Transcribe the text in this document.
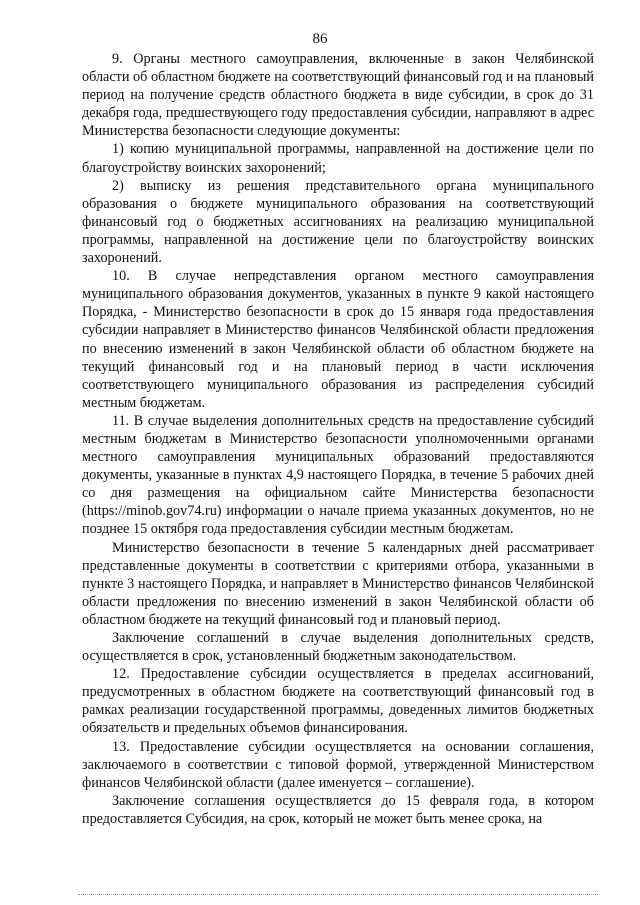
86

9. Органы местного самоуправления, включенные в закон Челябинской области об областном бюджете на соответствующий финансовый год и на плановый период на получение средств областного бюджета в виде субсидии, в срок до 31 декабря года, предшествующего году предоставления субсидии, направляют в адрес Министерства безопасности следующие документы:

1) копию муниципальной программы, направленной на достижение цели по благоустройству воинских захоронений;

2) выписку из решения представительного органа муниципального образования о бюджете муниципального образования на соответствующий финансовый год о бюджетных ассигнованиях на реализацию муниципальной программы, направленной на достижение цели по благоустройству воинских захоронений.

10. В случае непредставления органом местного самоуправления муниципального образования документов, указанных в пункте 9 какой настоящего Порядка, - Министерство безопасности в срок до 15 января года предоставления субсидии направляет в Министерство финансов Челябинской области предложения по внесению изменений в закон Челябинской области об областном бюджете на текущий финансовый год и на плановый период в части исключения соответствующего муниципального образования из распределения субсидий местным бюджетам.

11. В случае выделения дополнительных средств на предоставление субсидий местным бюджетам в Министерство безопасности уполномоченными органами местного самоуправления муниципальных образований предоставляются документы, указанные в пунктах 4,9 настоящего Порядка, в течение 5 рабочих дней со дня размещения на официальном сайте Министерства безопасности (https://minob.gov74.ru) информации о начале приема указанных документов, но не позднее 15 октября года предоставления субсидии местным бюджетам.

Министерство безопасности в течение 5 календарных дней рассматривает представленные документы в соответствии с критериями отбора, указанными в пункте 3 настоящего Порядка, и направляет в Министерство финансов Челябинской области предложения по внесению изменений в закон Челябинской области об областном бюджете на текущий финансовый год и плановый период.

Заключение соглашений в случае выделения дополнительных средств, осуществляется в срок, установленный бюджетным законодательством.

12. Предоставление субсидии осуществляется в пределах ассигнований, предусмотренных в областном бюджете на соответствующий финансовый год в рамках реализации государственной программы, доведенных лимитов бюджетных обязательств и предельных объемов финансирования.

13. Предоставление субсидии осуществляется на основании соглашения, заключаемого в соответствии с типовой формой, утвержденной Министерством финансов Челябинской области (далее именуется – соглашение).

Заключение соглашения осуществляется до 15 февраля года, в котором предоставляется Субсидия, на срок, который не может быть менее срока, на
